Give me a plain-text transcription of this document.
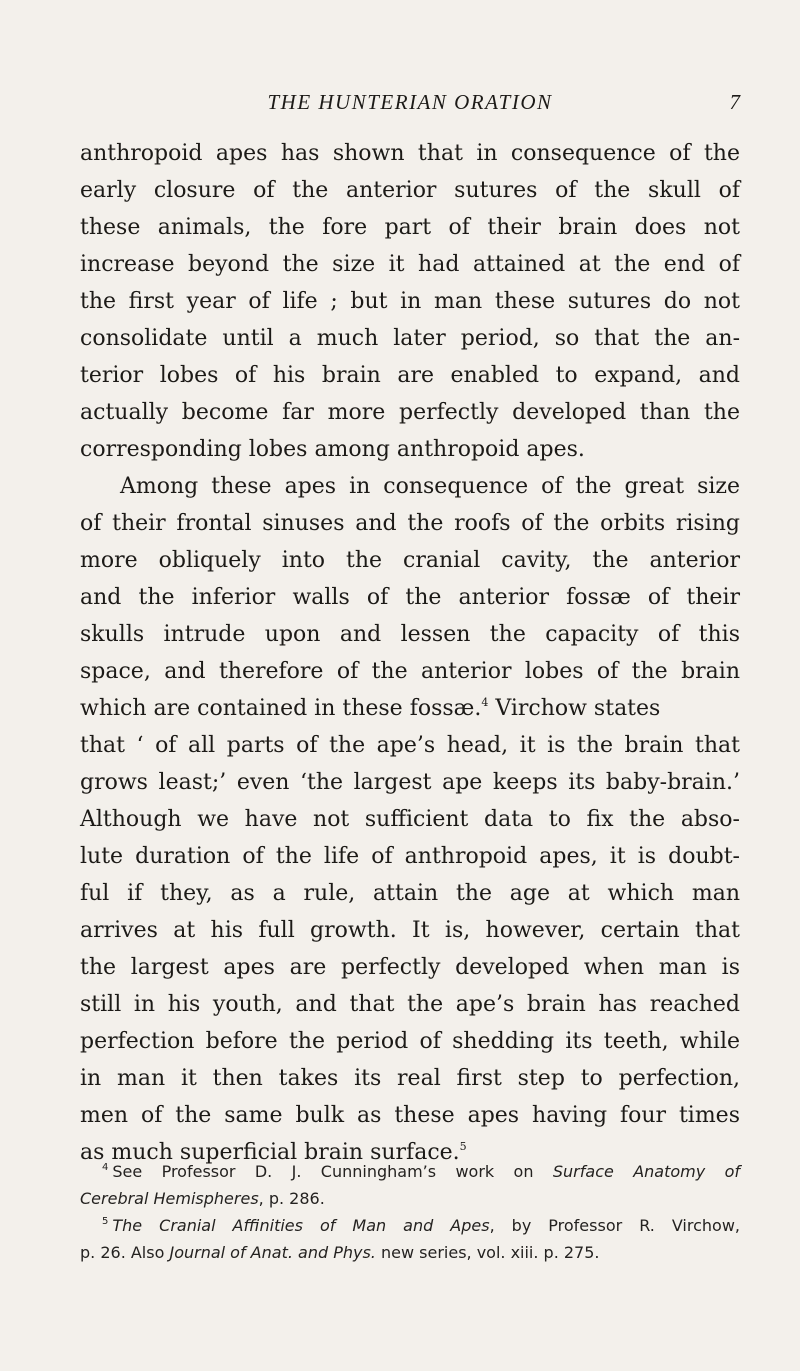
THE HUNTERIAN ORATION	7
anthropoid apes has shown that in consequence of the
early closure of the anterior sutures of the skull of
these animals, the fore part of their brain does not
increase beyond the size it had attained at the end of
the first year of life ; but in man these sutures do not
consolidate until a much later period, so that the an-
terior lobes of his brain are enabled to expand, and
actually become far more perfectly developed than the
corresponding lobes among anthropoid apes.
Among these apes in consequence of the great size
of their frontal sinuses and the roofs of the orbits rising
more obliquely into the cranial cavity, the anterior
and the inferior walls of the anterior fossæ of their
skulls intrude upon and lessen the capacity of this
space, and therefore of the anterior lobes of the brain
which are contained in these fossæ.$^4$ Virchow states
that ‘ of all parts of the ape’s head, it is the brain that
grows least;’ even ‘the largest ape keeps its baby-brain.’
Although we have not sufficient data to fix the abso-
lute duration of the life of anthropoid apes, it is doubt-
ful if they, as a rule, attain the age at which man
arrives at his full growth. It is, however, certain that
the largest apes are perfectly developed when man is
still in his youth, and that the ape’s brain has reached
perfection before the period of shedding its teeth, while
in man it then takes its real first step to perfection,
men of the same bulk as these apes having four times
as much superficial brain surface.$^5$
$^4$ See Professor D. J. Cunningham’s work on Surface Anatomy of
Cerebral Hemispheres, p. 286.
$^5$ The Cranial Affinities of Man and Apes, by Professor R. Virchow,
p. 26. Also Journal of Anat. and Phys. new series, vol. xiii. p. 275.
